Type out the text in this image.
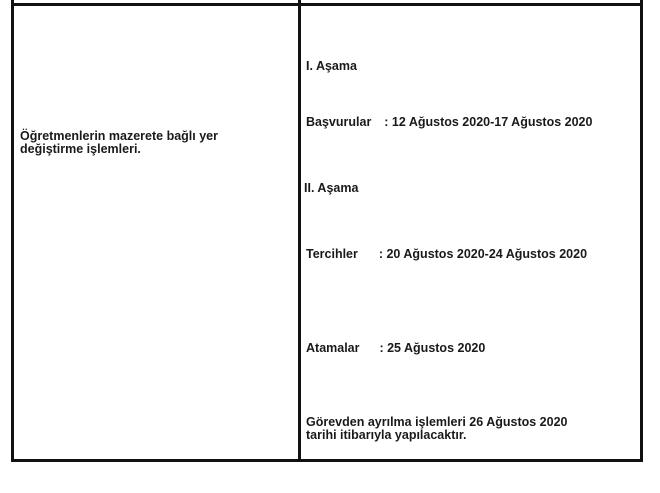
Öğretmenlerin mazerete bağlı yer
değiştirme işlemleri.
I. Aşama
Başvurular : 12 Ağustos 2020-17 Ağustos 2020
II. Aşama
Tercihler : 20 Ağustos 2020-24 Ağustos 2020
Atamalar : 25 Ağustos 2020
Görevden ayrılma işlemleri 26 Ağustos 2020
tarihi itibarıyla yapılacaktır.
